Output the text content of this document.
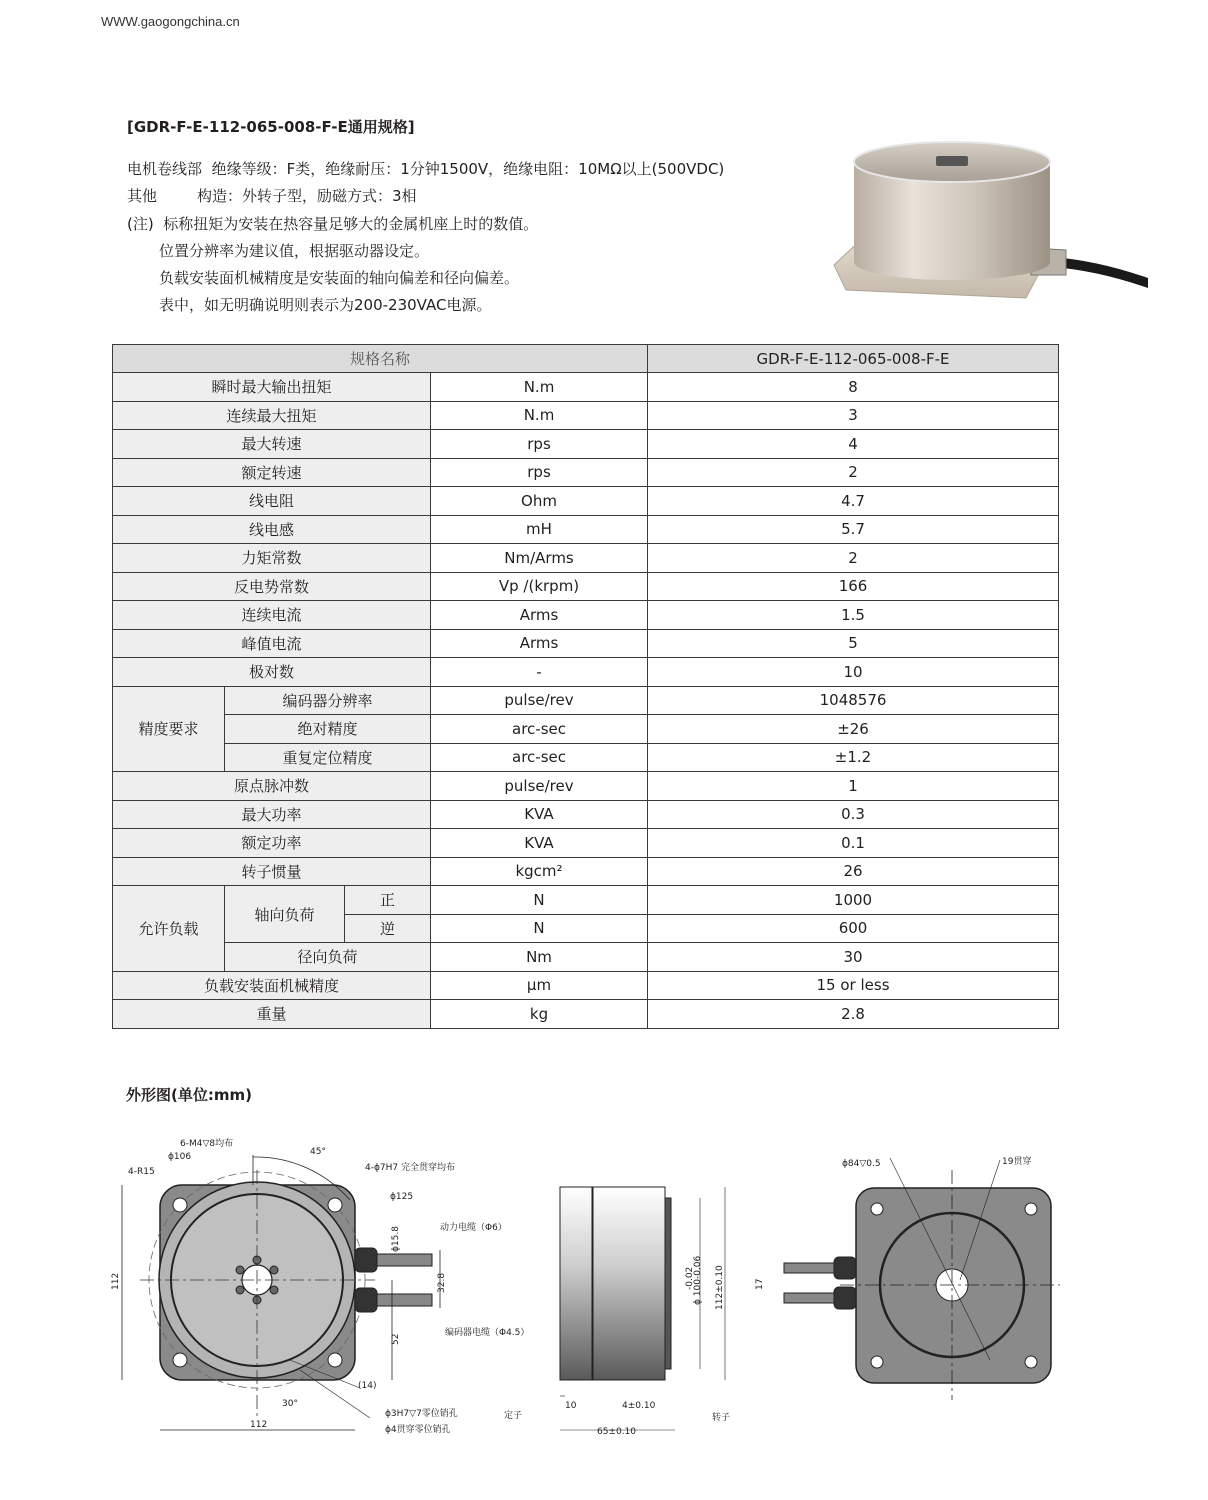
WWW.gaogongchina.cn
[GDR-F-E-112-065-008-F-E通用规格]
电机卷线部 绝缘等级：F类，绝缘耐压：1分钟1500V，绝缘电阻：10MΩ以上(500VDC)
其他	构造：外转子型，励磁方式：3相
(注) 标称扭矩为安装在热容量足够大的金属机座上时的数值。
位置分辨率为建议值，根据驱动器设定。
负载安装面机械精度是安装面的轴向偏差和径向偏差。
表中，如无明确说明则表示为200-230VAC电源。
规格名称				GDR-F-E-112-065-008-F-E
瞬时最大输出扭矩			N.m	8
连续最大扭矩			N.m	3
最大转速			rps	4
额定转速			rps	2
线电阻			Ohm	4.7
线电感			mH	5.7
力矩常数			Nm/Arms	2
反电势常数			Vp /(krpm)	166
连续电流			Arms	1.5
峰值电流			Arms	5
极对数			-	10
精度要求	编码器分辨率		pulse/rev	1048576
	绝对精度		arc-sec	±26
	重复定位精度		arc-sec	±1.2
原点脉冲数			pulse/rev	1
最大功率			KVA	0.3
额定功率			KVA	0.1
转子惯量			kgcm²	26
允许负载	轴向负荷	正	N	1000
		逆	N	600
	径向负荷		Nm	30
负载安装面机械精度			μm	15 or less
重量			kg	2.8
外形图(单位:mm)
6-M4▽8均布
ϕ106
4-R15
45°
4-ϕ7H7 完全贯穿均布
ϕ125
ϕ15.8	动力电缆（Φ6）
32.8
编码器电缆（Φ4.5）
52
(14)
ϕ3H7▽7零位销孔
30°
ϕ4贯穿零位销孔
112
112
定子	转子
10	4±0.10
65±0.10
-0.02
ϕ 100-0.06 112±0.10
ϕ84▽0.5	19贯穿
17
